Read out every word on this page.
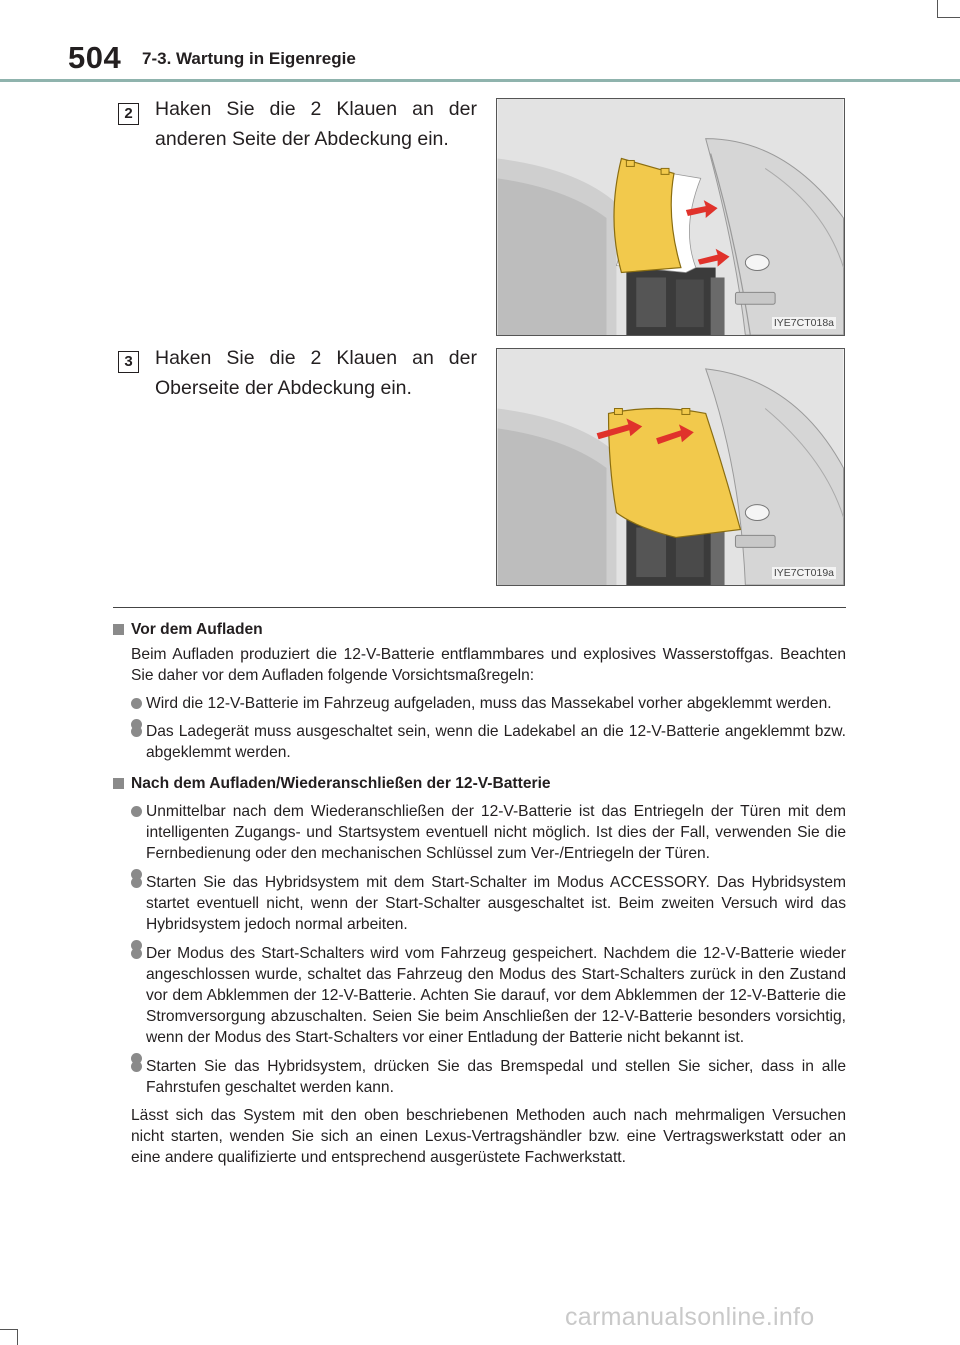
504 7-3. Wartung in Eigenregie
2	Haken Sie die 2 Klauen an der anderen Seite der Abdeckung ein.
IYE7CT018a
3	Haken Sie die 2 Klauen an der Oberseite der Abdeckung ein.
IYE7CT019a
Vor dem Aufladen
Beim Aufladen produziert die 12-V-Batterie entflammbares und explosives Wasserstoffgas. Beachten Sie daher vor dem Aufladen folgende Vorsichtsmaßregeln:
Wird die 12-V-Batterie im Fahrzeug aufgeladen, muss das Massekabel vorher abgeklemmt werden.
Das Ladegerät muss ausgeschaltet sein, wenn die Ladekabel an die 12-V-Batterie angeklemmt bzw. abgeklemmt werden.
Nach dem Aufladen/Wiederanschließen der 12-V-Batterie
Unmittelbar nach dem Wiederanschließen der 12-V-Batterie ist das Entriegeln der Türen mit dem intelligenten Zugangs- und Startsystem eventuell nicht möglich. Ist dies der Fall, verwenden Sie die Fernbedienung oder den mechanischen Schlüssel zum Ver-/Entriegeln der Türen.
Starten Sie das Hybridsystem mit dem Start-Schalter im Modus ACCESSORY. Das Hybridsystem startet eventuell nicht, wenn der Start-Schalter ausgeschaltet ist. Beim zweiten Versuch wird das Hybridsystem jedoch normal arbeiten.
Der Modus des Start-Schalters wird vom Fahrzeug gespeichert. Nachdem die 12-V-Batterie wieder angeschlossen wurde, schaltet das Fahrzeug den Modus des Start-Schalters zurück in den Zustand vor dem Abklemmen der 12-V-Batterie. Achten Sie darauf, vor dem Abklemmen der 12-V-Batterie die Stromversorgung abzuschalten. Seien Sie beim Anschließen der 12-V-Batterie besonders vorsichtig, wenn der Modus des Start-Schalters vor einer Entladung der Batterie nicht bekannt ist.
Starten Sie das Hybridsystem, drücken Sie das Bremspedal und stellen Sie sicher, dass in alle Fahrstufen geschaltet werden kann.
Lässt sich das System mit den oben beschriebenen Methoden auch nach mehrmaligen Versuchen nicht starten, wenden Sie sich an einen Lexus-Vertragshändler bzw. eine Vertragswerkstatt oder an eine andere qualifizierte und entsprechend ausgerüstete Fachwerkstatt.
carmanualsonline.info
